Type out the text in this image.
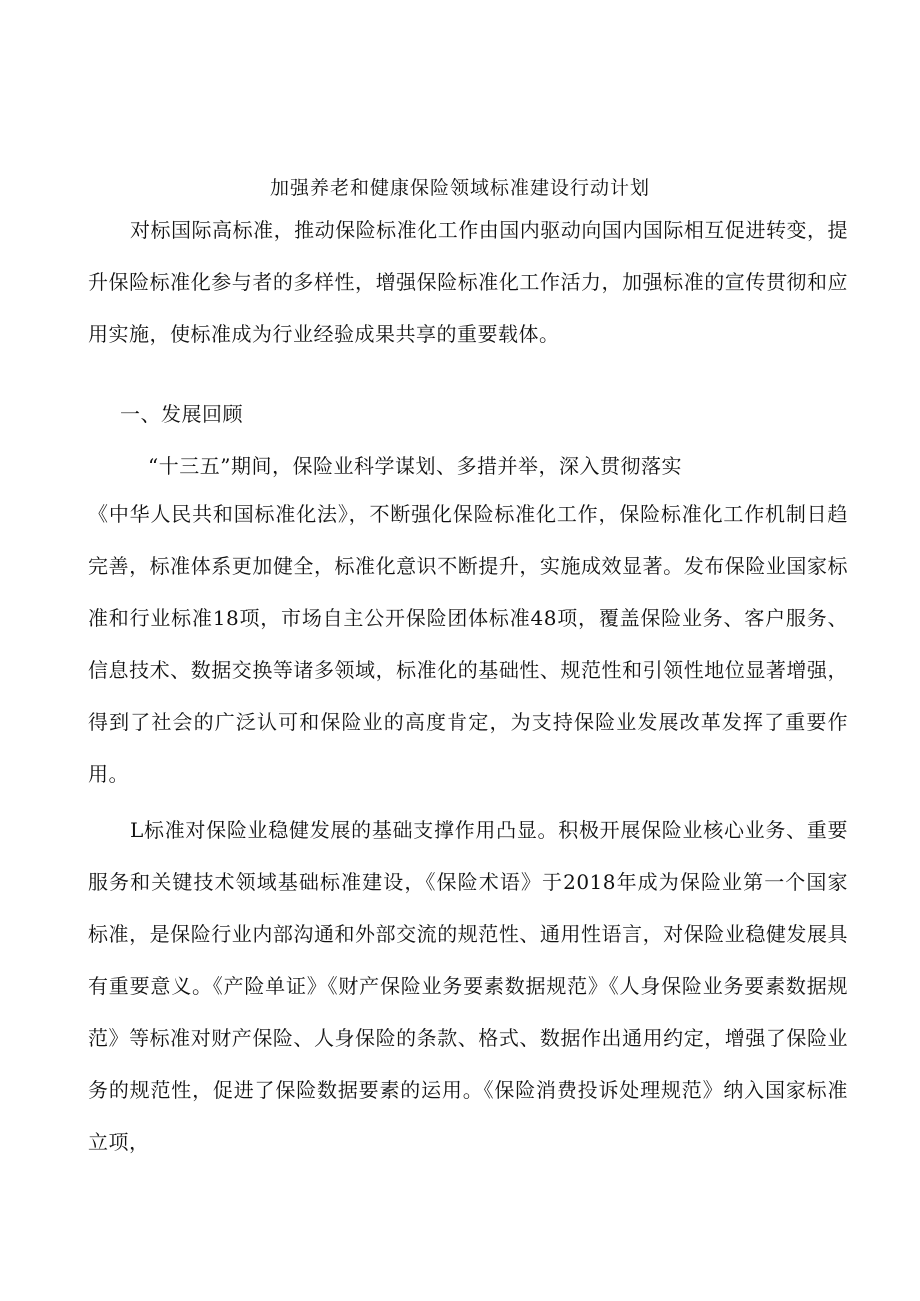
加强养老和健康保险领域标准建设行动计划
对标国际高标准，推动保险标准化工作由国内驱动向国内国际相互促进转变，提升保险标准化参与者的多样性，增强保险标准化工作活力，加强标准的宣传贯彻和应用实施，使标准成为行业经验成果共享的重要载体。
一、发展回顾
“十三五”期间，保险业科学谋划、多措并举，深入贯彻落实
《中华人民共和国标准化法》，不断强化保险标准化工作，保险标准化工作机制日趋完善，标准体系更加健全，标准化意识不断提升，实施成效显著。发布保险业国家标准和行业标准18项，市场自主公开保险团体标准48项，覆盖保险业务、客户服务、信息技术、数据交换等诸多领域，标准化的基础性、规范性和引领性地位显著增强，得到了社会的广泛认可和保险业的高度肯定，为支持保险业发展改革发挥了重要作用。
L标准对保险业稳健发展的基础支撑作用凸显。积极开展保险业核心业务、重要服务和关键技术领域基础标准建设，《保险术语》于2018年成为保险业第一个国家标准，是保险行业内部沟通和外部交流的规范性、通用性语言，对保险业稳健发展具有重要意义。《产险单证》《财产保险业务要素数据规范》《人身保险业务要素数据规范》等标准对财产保险、人身保险的条款、格式、数据作出通用约定，增强了保险业务的规范性，促进了保险数据要素的运用。《保险消费投诉处理规范》纳入国家标准立项，
